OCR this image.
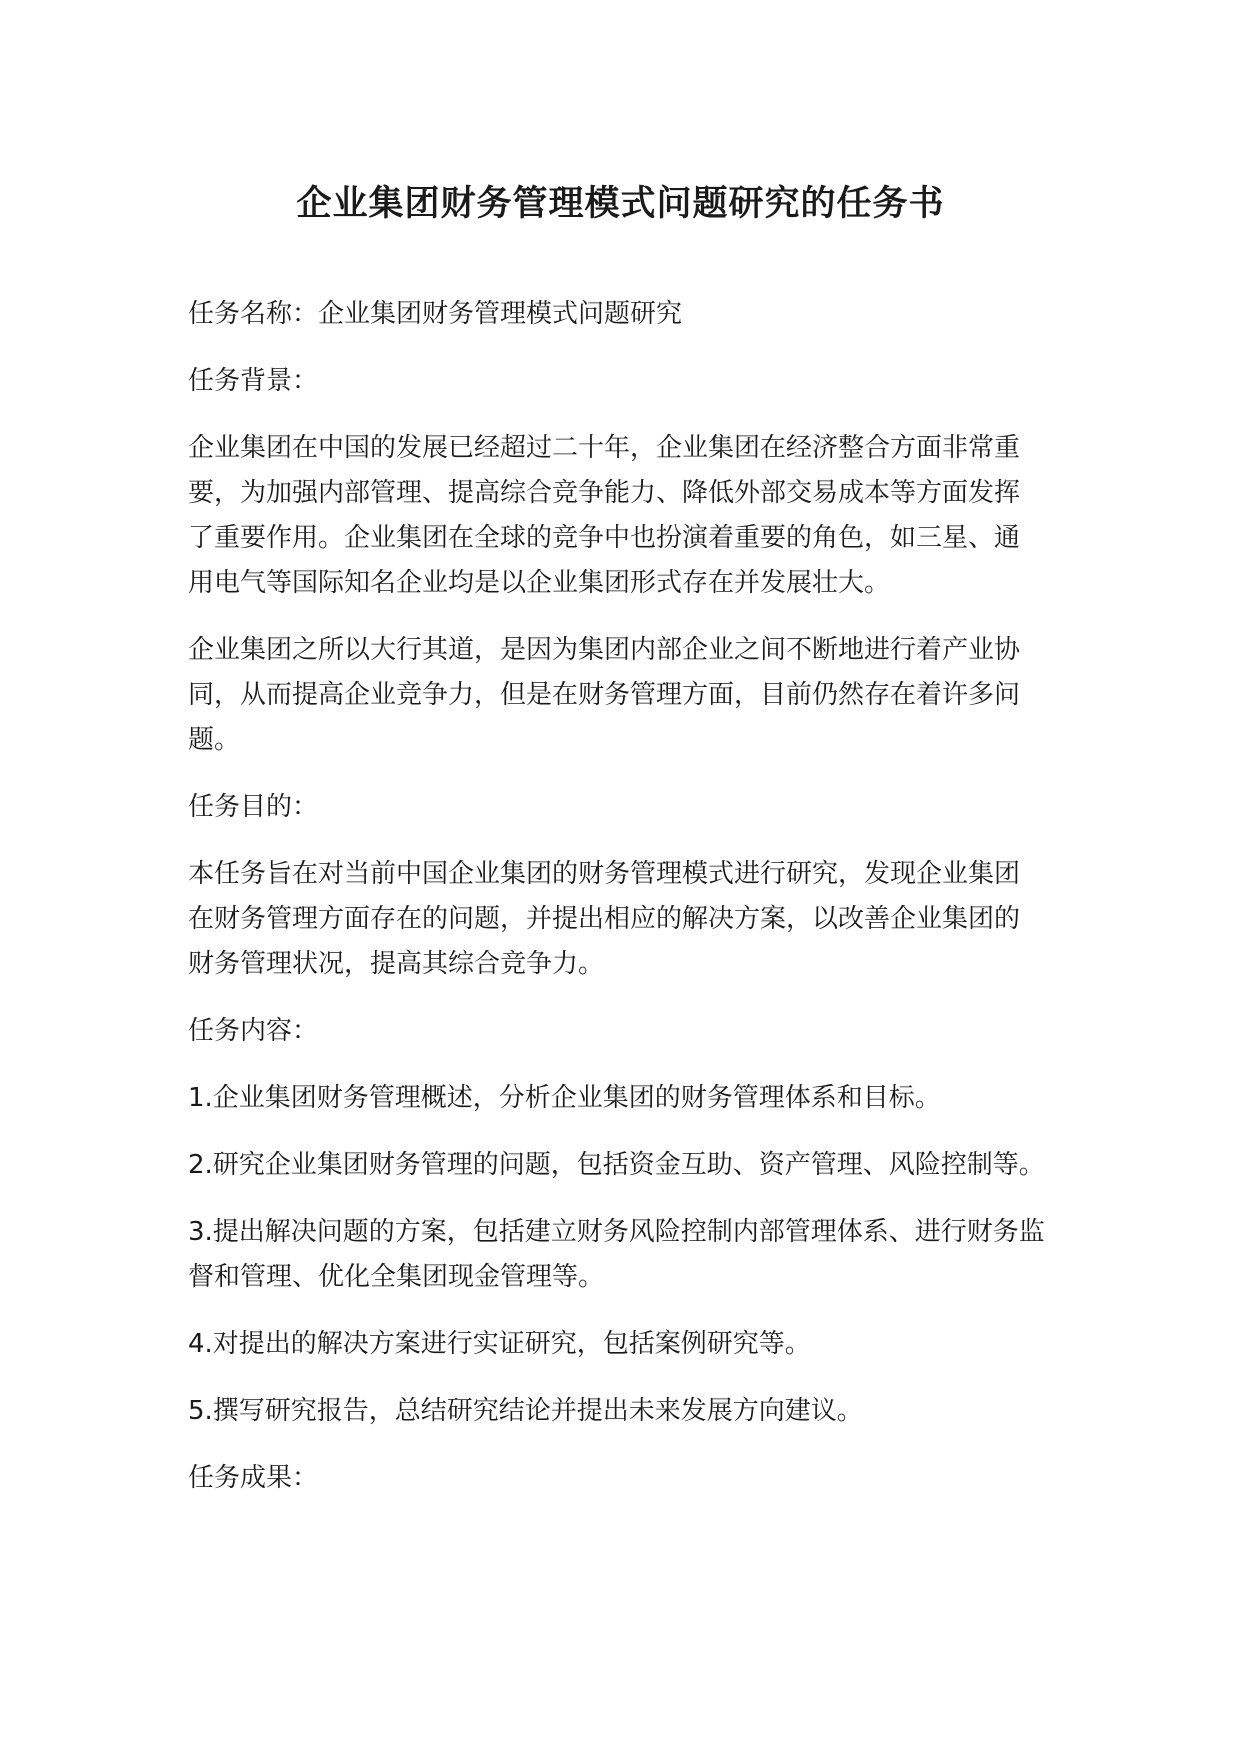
企业集团财务管理模式问题研究的任务书

任务名称：企业集团财务管理模式问题研究

任务背景：

企业集团在中国的发展已经超过二十年，企业集团在经济整合方面非常重要，为加强内部管理、提高综合竞争能力、降低外部交易成本等方面发挥了重要作用。企业集团在全球的竞争中也扮演着重要的角色，如三星、通用电气等国际知名企业均是以企业集团形式存在并发展壮大。

企业集团之所以大行其道，是因为集团内部企业之间不断地进行着产业协同，从而提高企业竞争力，但是在财务管理方面，目前仍然存在着许多问题。

任务目的：

本任务旨在对当前中国企业集团的财务管理模式进行研究，发现企业集团在财务管理方面存在的问题，并提出相应的解决方案，以改善企业集团的财务管理状况，提高其综合竞争力。

任务内容：

1.企业集团财务管理概述，分析企业集团的财务管理体系和目标。

2.研究企业集团财务管理的问题，包括资金互助、资产管理、风险控制等。

3.提出解决问题的方案，包括建立财务风险控制内部管理体系、进行财务监督和管理、优化全集团现金管理等。

4.对提出的解决方案进行实证研究，包括案例研究等。

5.撰写研究报告，总结研究结论并提出未来发展方向建议。

任务成果：
